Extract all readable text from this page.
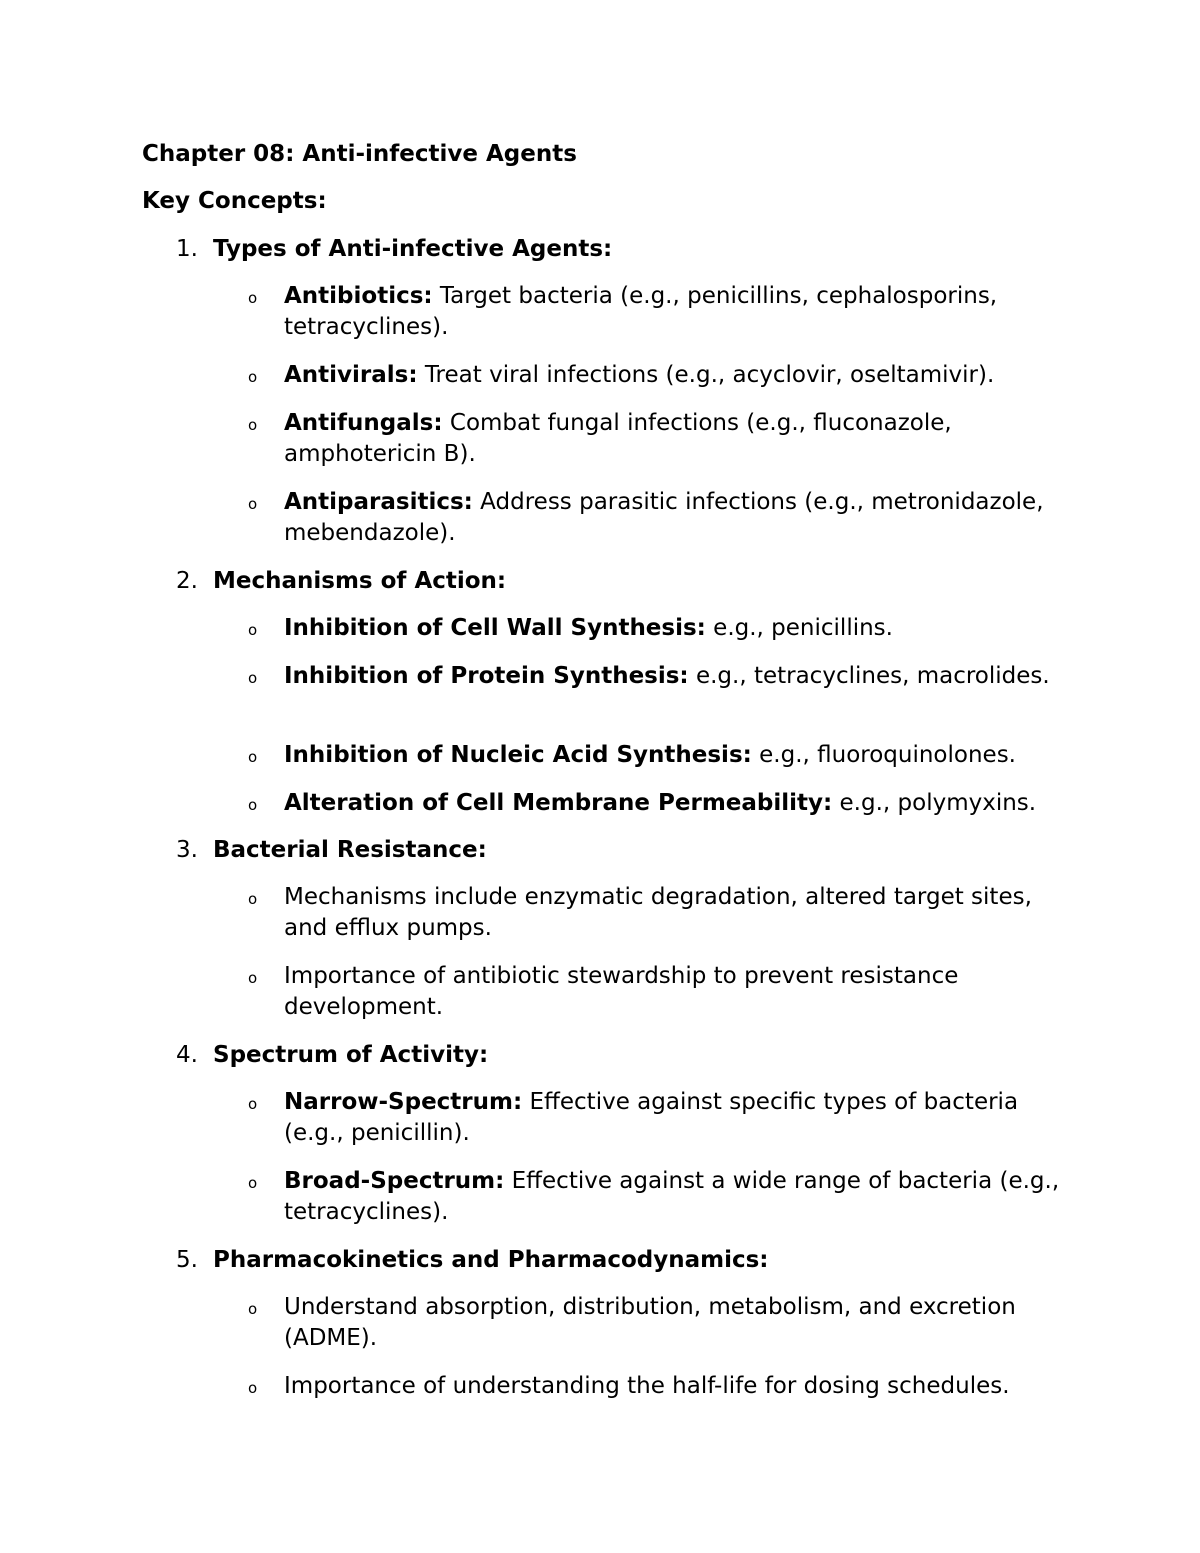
Chapter 08: Anti-infective Agents
Key Concepts:
1. Types of Anti-infective Agents:
o Antibiotics: Target bacteria (e.g., penicillins, cephalosporins, tetracyclines).
o Antivirals: Treat viral infections (e.g., acyclovir, oseltamivir).
o Antifungals: Combat fungal infections (e.g., fluconazole, amphotericin B).
o Antiparasitics: Address parasitic infections (e.g., metronidazole, mebendazole).
2. Mechanisms of Action:
o Inhibition of Cell Wall Synthesis: e.g., penicillins.
o Inhibition of Protein Synthesis: e.g., tetracyclines, macrolides.
o Inhibition of Nucleic Acid Synthesis: e.g., fluoroquinolones.
o Alteration of Cell Membrane Permeability: e.g., polymyxins.
3. Bacterial Resistance:
o Mechanisms include enzymatic degradation, altered target sites, and efflux pumps.
o Importance of antibiotic stewardship to prevent resistance development.
4. Spectrum of Activity:
o Narrow-Spectrum: Effective against specific types of bacteria (e.g., penicillin).
o Broad-Spectrum: Effective against a wide range of bacteria (e.g., tetracyclines).
5. Pharmacokinetics and Pharmacodynamics:
o Understand absorption, distribution, metabolism, and excretion (ADME).
o Importance of understanding the half-life for dosing schedules.
